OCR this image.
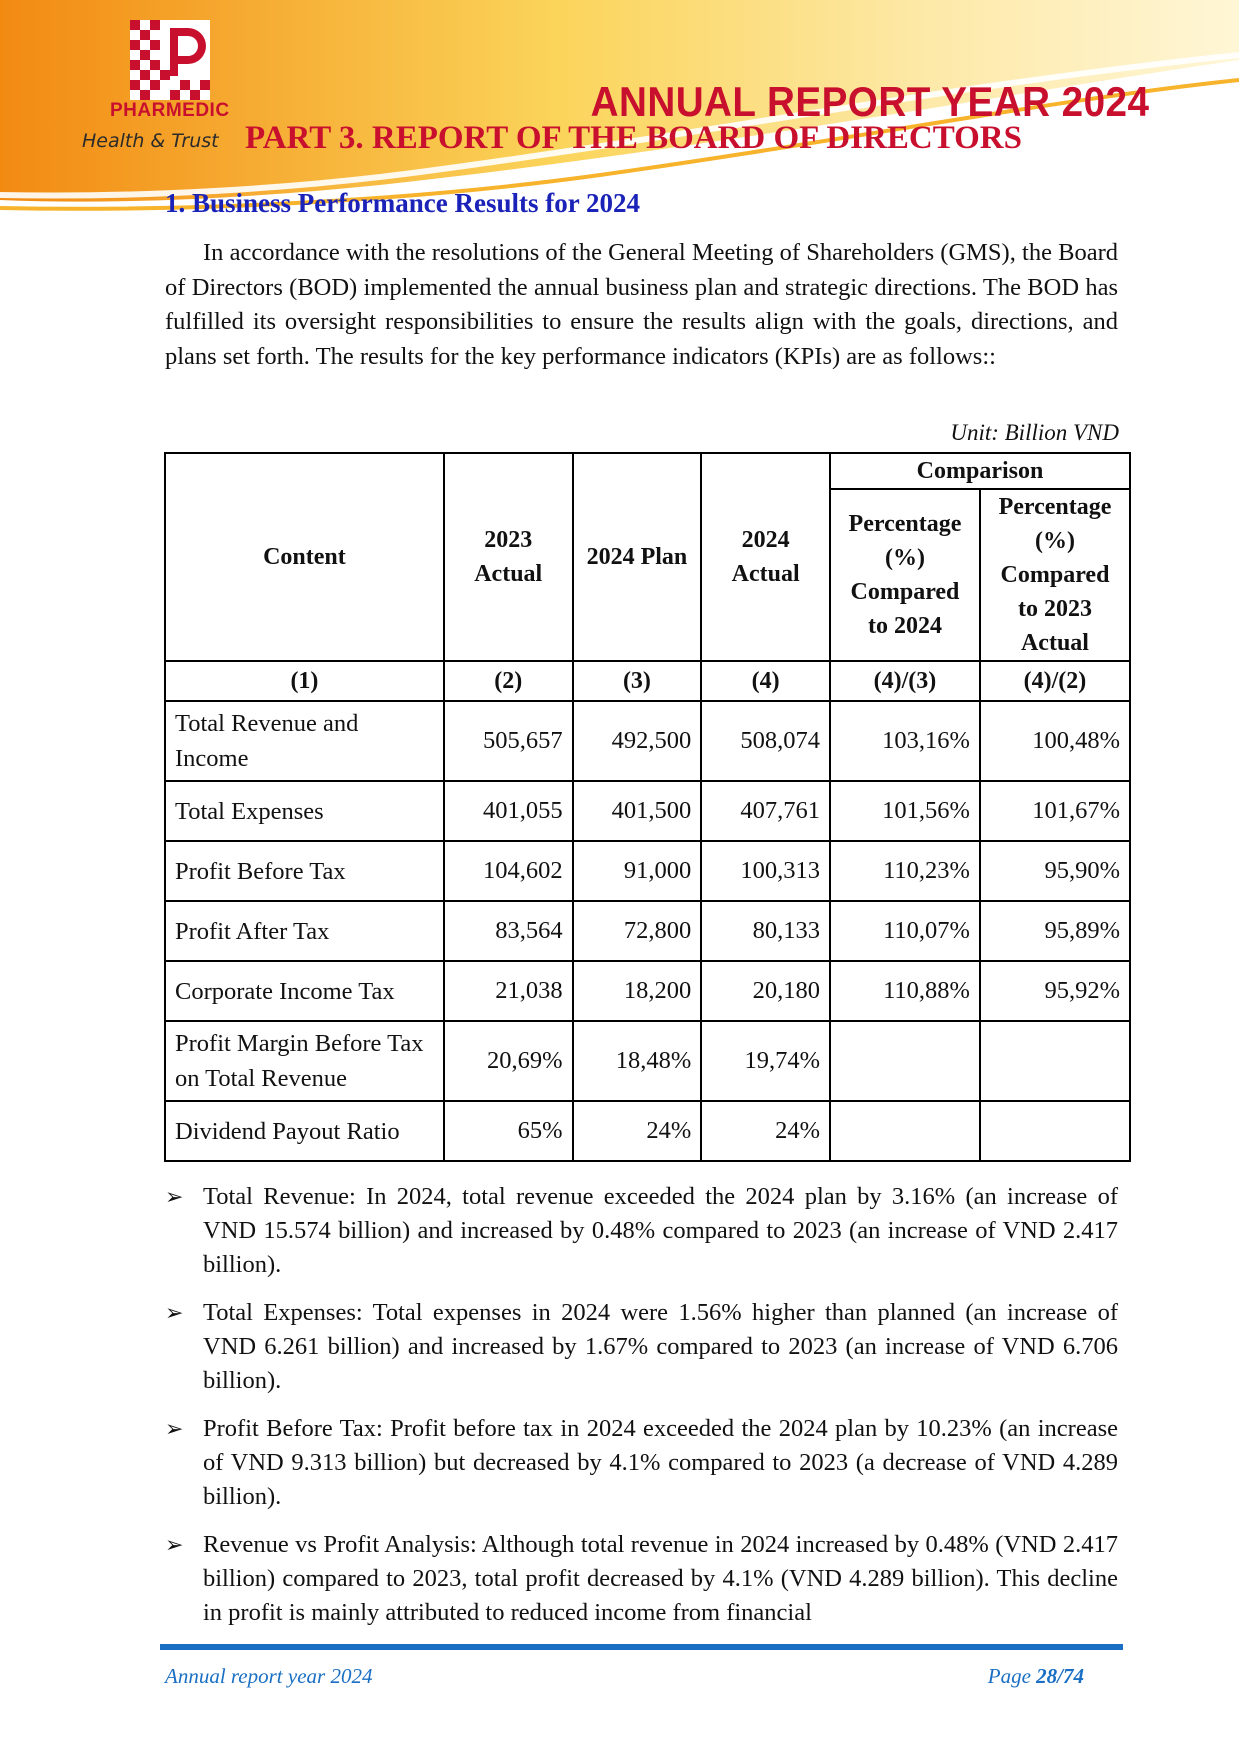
PHARMEDIC
Health & Trust
ANNUAL REPORT YEAR 2024
PART 3. REPORT OF THE BOARD OF DIRECTORS
1. Business Performance Results for 2024

In accordance with the resolutions of the General Meeting of Shareholders (GMS), the Board of Directors (BOD) implemented the annual business plan and strategic directions. The BOD has fulfilled its oversight responsibilities to ensure the results align with the goals, directions, and plans set forth. The results for the key performance indicators (KPIs) are as follows::

Unit: Billion VND
Content	2023 Actual	2024 Plan	2024 Actual	Comparison	
				Percentage (%) Compared to 2024	Percentage (%) Compared to 2023 Actual
(1)	(2)	(3)	(4)	(4)/(3)	(4)/(2)
Total Revenue and Income	505,657	492,500	508,074	103,16%	100,48%
Total Expenses	401,055	401,500	407,761	101,56%	101,67%
Profit Before Tax	104,602	91,000	100,313	110,23%	95,90%
Profit After Tax	83,564	72,800	80,133	110,07%	95,89%
Corporate Income Tax	21,038	18,200	20,180	110,88%	95,92%
Profit Margin Before Tax on Total Revenue	20,69%	18,48%	19,74%		
Dividend Payout Ratio	65%	24%	24%		
➢ Total Revenue: In 2024, total revenue exceeded the 2024 plan by 3.16% (an increase of VND 15.574 billion) and increased by 0.48% compared to 2023 (an increase of VND 2.417 billion).
➢ Total Expenses: Total expenses in 2024 were 1.56% higher than planned (an increase of VND 6.261 billion) and increased by 1.67% compared to 2023 (an increase of VND 6.706 billion).
➢ Profit Before Tax: Profit before tax in 2024 exceeded the 2024 plan by 10.23% (an increase of VND 9.313 billion) but decreased by 4.1% compared to 2023 (a decrease of VND 4.289 billion).
➢ Revenue vs Profit Analysis: Although total revenue in 2024 increased by 0.48% (VND 2.417 billion) compared to 2023, total profit decreased by 4.1% (VND 4.289 billion). This decline in profit is mainly attributed to reduced income from financial
Annual report year 2024	Page 28/74
